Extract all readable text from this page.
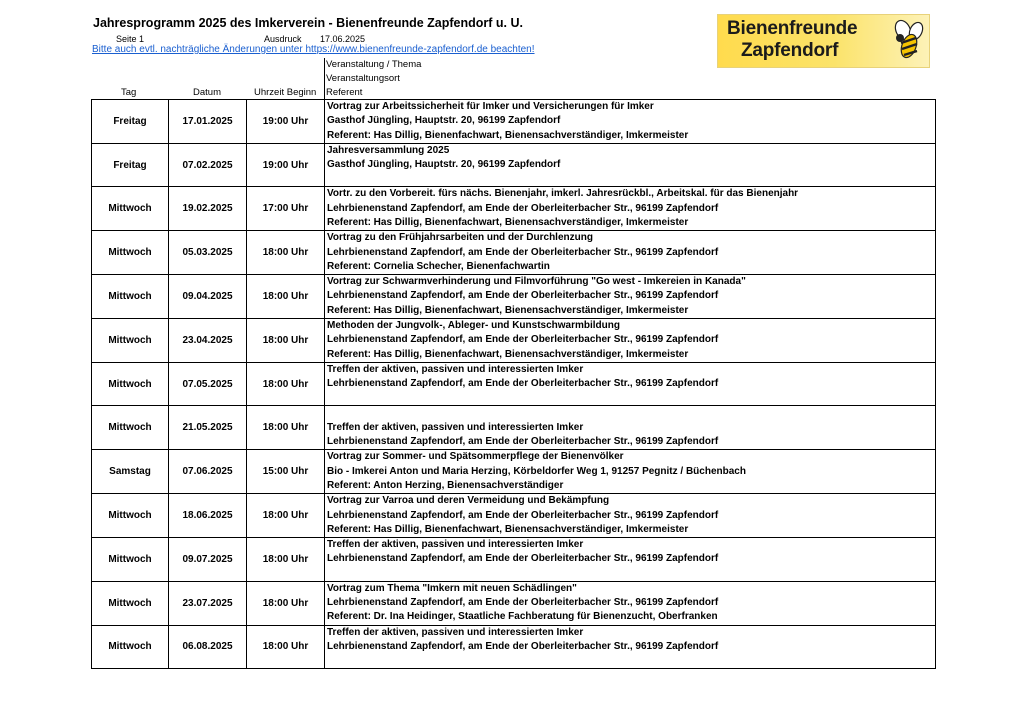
Jahresprogramm 2025 des Imkerverein - Bienenfreunde Zapfendorf u. U.
Seite 1	Ausdruck 17.06.2025
Bitte auch evtl. nachträgliche Änderungen unter https://www.bienenfreunde-zapfendorf.de beachten!
Bienenfreunde
Zapfendorf
Veranstaltung / Thema
Veranstaltungsort
Referent
Tag	Datum	Uhrzeit Beginn
Freitag	17.01.2025	19:00 Uhr	Vortrag zur Arbeitssicherheit für Imker und Versicherungen für Imker
Gasthof Jüngling, Hauptstr. 20, 96199 Zapfendorf
Referent: Has Dillig, Bienenfachwart, Bienensachverständiger, Imkermeister

Freitag	07.02.2025	19:00 Uhr	Jahresversammlung 2025
Gasthof Jüngling, Hauptstr. 20, 96199 Zapfendorf

Mittwoch	19.02.2025	17:00 Uhr	Vortr. zu den Vorbereit. fürs nächs. Bienenjahr, imkerl. Jahresrückbl., Arbeitskal. für das Bienenjahr
Lehrbienenstand Zapfendorf, am Ende der Oberleiterbacher Str., 96199 Zapfendorf
Referent: Has Dillig, Bienenfachwart, Bienensachverständiger, Imkermeister

Mittwoch	05.03.2025	18:00 Uhr	Vortrag zu den Frühjahrsarbeiten und der Durchlenzung
Lehrbienenstand Zapfendorf, am Ende der Oberleiterbacher Str., 96199 Zapfendorf
Referent: Cornelia Schecher, Bienenfachwartin

Mittwoch	09.04.2025	18:00 Uhr	Vortrag zur Schwarmverhinderung und Filmvorführung "Go west - Imkereien in Kanada"
Lehrbienenstand Zapfendorf, am Ende der Oberleiterbacher Str., 96199 Zapfendorf
Referent: Has Dillig, Bienenfachwart, Bienensachverständiger, Imkermeister

Mittwoch	23.04.2025	18:00 Uhr	Methoden der Jungvolk-, Ableger- und Kunstschwarmbildung
Lehrbienenstand Zapfendorf, am Ende der Oberleiterbacher Str., 96199 Zapfendorf
Referent: Has Dillig, Bienenfachwart, Bienensachverständiger, Imkermeister

Mittwoch	07.05.2025	18:00 Uhr	Treffen der aktiven, passiven und interessierten Imker
Lehrbienenstand Zapfendorf, am Ende der Oberleiterbacher Str., 96199 Zapfendorf

Mittwoch	21.05.2025	18:00 Uhr	Treffen der aktiven, passiven und interessierten Imker
Lehrbienenstand Zapfendorf, am Ende der Oberleiterbacher Str., 96199 Zapfendorf

Samstag	07.06.2025	15:00 Uhr	Vortrag zur Sommer- und Spätsommerpflege der Bienenvölker
Bio - Imkerei Anton und Maria Herzing, Körbeldorfer Weg 1, 91257 Pegnitz / Büchenbach
Referent: Anton Herzing, Bienensachverständiger

Mittwoch	18.06.2025	18:00 Uhr	Vortrag zur Varroa und deren Vermeidung und Bekämpfung
Lehrbienenstand Zapfendorf, am Ende der Oberleiterbacher Str., 96199 Zapfendorf
Referent: Has Dillig, Bienenfachwart, Bienensachverständiger, Imkermeister

Mittwoch	09.07.2025	18:00 Uhr	Treffen der aktiven, passiven und interessierten Imker
Lehrbienenstand Zapfendorf, am Ende der Oberleiterbacher Str., 96199 Zapfendorf

Mittwoch	23.07.2025	18:00 Uhr	Vortrag zum Thema "Imkern mit neuen Schädlingen"
Lehrbienenstand Zapfendorf, am Ende der Oberleiterbacher Str., 96199 Zapfendorf
Referent: Dr. Ina Heidinger, Staatliche Fachberatung für Bienenzucht, Oberfranken

Mittwoch	06.08.2025	18:00 Uhr	Treffen der aktiven, passiven und interessierten Imker
Lehrbienenstand Zapfendorf, am Ende der Oberleiterbacher Str., 96199 Zapfendorf
